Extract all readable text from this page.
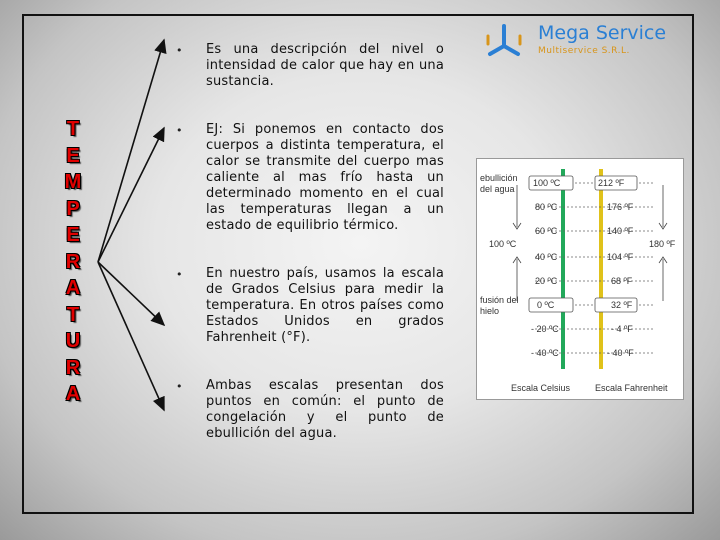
T
E
M
P
E
R
A
T
U
R
A
• Es una descripción del nivel o intensidad de calor que hay en una sustancia.
• EJ: Si ponemos en contacto dos cuerpos a distinta temperatura, el calor se transmite del cuerpo mas caliente al mas frío hasta un determinado momento en el cual las temperaturas llegan a un estado de equilibrio térmico.
• En nuestro país, usamos la escala de Grados Celsius para medir la temperatura. En otros países como Estados Unidos en grados Fahrenheit (°F).
• Ambas escalas presentan dos puntos en común: el punto de congelación y el punto de ebullición del agua.
Mega Service
Multiservice S.R.L.
ebullición del agua
fusión del hielo
100 ºC	180 ºF
100 ºC	212 ºF
80 ºC	176 ºF
60 ºC	140 ºF
40 ºC	104 ºF
20 ºC	68 ºF
0 ºC	32 ºF
- 20 ºC	- 4 ºF
- 40 ºC	- 40 ºF
Escala Celsius	Escala Fahrenheit
